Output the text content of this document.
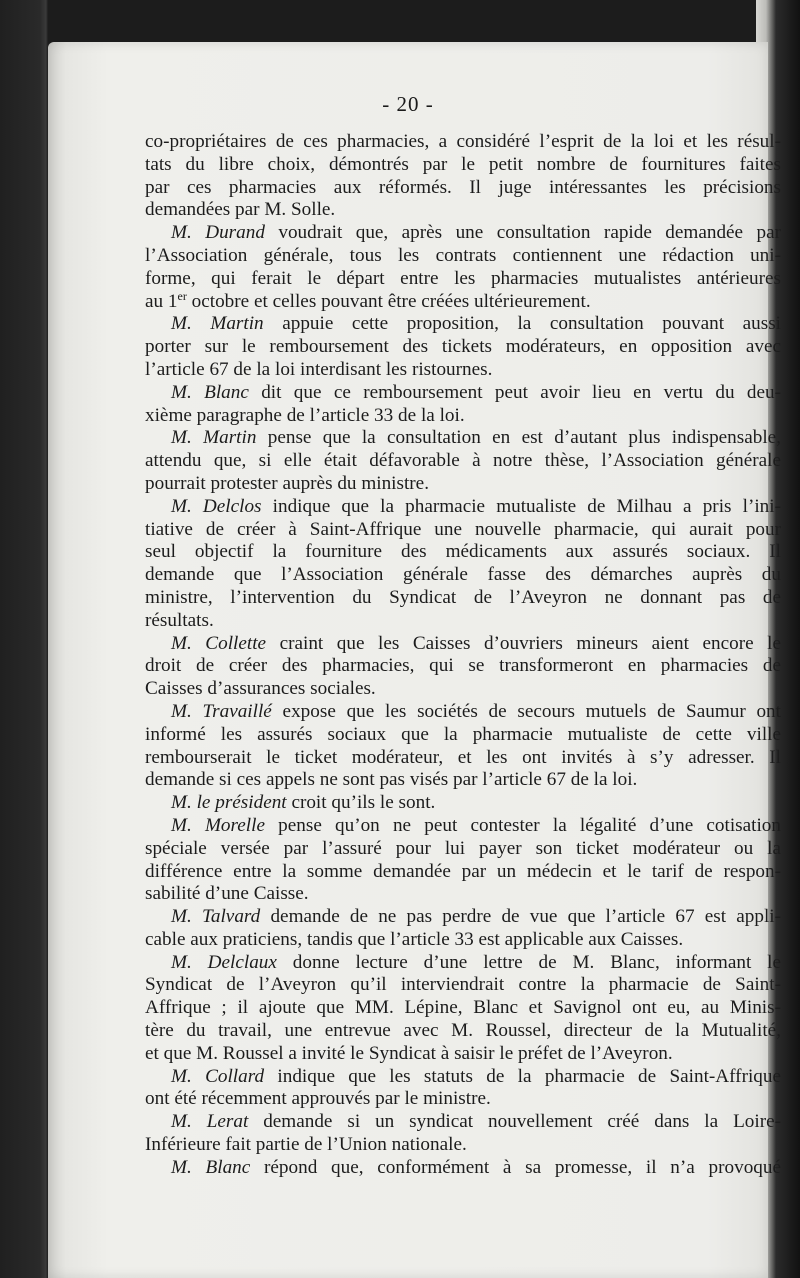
- 20 -
co-propriétaires de ces pharmacies, a considéré l’esprit de la loi et les résul-
tats du libre choix, démontrés par le petit nombre de fournitures faites
par ces pharmacies aux réformés. Il juge intéressantes les précisions
demandées par M. Solle.
M. Durand voudrait que, après une consultation rapide demandée par
l’Association générale, tous les contrats contiennent une rédaction uni-
forme, qui ferait le départ entre les pharmacies mutualistes antérieures
au 1er octobre et celles pouvant être créées ultérieurement.
M. Martin appuie cette proposition, la consultation pouvant aussi
porter sur le remboursement des tickets modérateurs, en opposition avec
l’article 67 de la loi interdisant les ristournes.
M. Blanc dit que ce remboursement peut avoir lieu en vertu du deu-
xième paragraphe de l’article 33 de la loi.
M. Martin pense que la consultation en est d’autant plus indispensable,
attendu que, si elle était défavorable à notre thèse, l’Association générale
pourrait protester auprès du ministre.
M. Delclos indique que la pharmacie mutualiste de Milhau a pris l’ini-
tiative de créer à Saint-Affrique une nouvelle pharmacie, qui aurait pour
seul objectif la fourniture des médicaments aux assurés sociaux. Il
demande que l’Association générale fasse des démarches auprès du
ministre, l’intervention du Syndicat de l’Aveyron ne donnant pas de
résultats.
M. Collette craint que les Caisses d’ouvriers mineurs aient encore le
droit de créer des pharmacies, qui se transformeront en pharmacies de
Caisses d’assurances sociales.
M. Travaillé expose que les sociétés de secours mutuels de Saumur ont
informé les assurés sociaux que la pharmacie mutualiste de cette ville
rembourserait le ticket modérateur, et les ont invités à s’y adresser. Il
demande si ces appels ne sont pas visés par l’article 67 de la loi.
M. le président croit qu’ils le sont.
M. Morelle pense qu’on ne peut contester la légalité d’une cotisation
spéciale versée par l’assuré pour lui payer son ticket modérateur ou la
différence entre la somme demandée par un médecin et le tarif de respon-
sabilité d’une Caisse.
M. Talvard demande de ne pas perdre de vue que l’article 67 est appli-
cable aux praticiens, tandis que l’article 33 est applicable aux Caisses.
M. Delclaux donne lecture d’une lettre de M. Blanc, informant le
Syndicat de l’Aveyron qu’il interviendrait contre la pharmacie de Saint-
Affrique ; il ajoute que MM. Lépine, Blanc et Savignol ont eu, au Minis-
tère du travail, une entrevue avec M. Roussel, directeur de la Mutualité,
et que M. Roussel a invité le Syndicat à saisir le préfet de l’Aveyron.
M. Collard indique que les statuts de la pharmacie de Saint-Affrique
ont été récemment approuvés par le ministre.
M. Lerat demande si un syndicat nouvellement créé dans la Loire-
Inférieure fait partie de l’Union nationale.
M. Blanc répond que, conformément à sa promesse, il n’a provoqué
